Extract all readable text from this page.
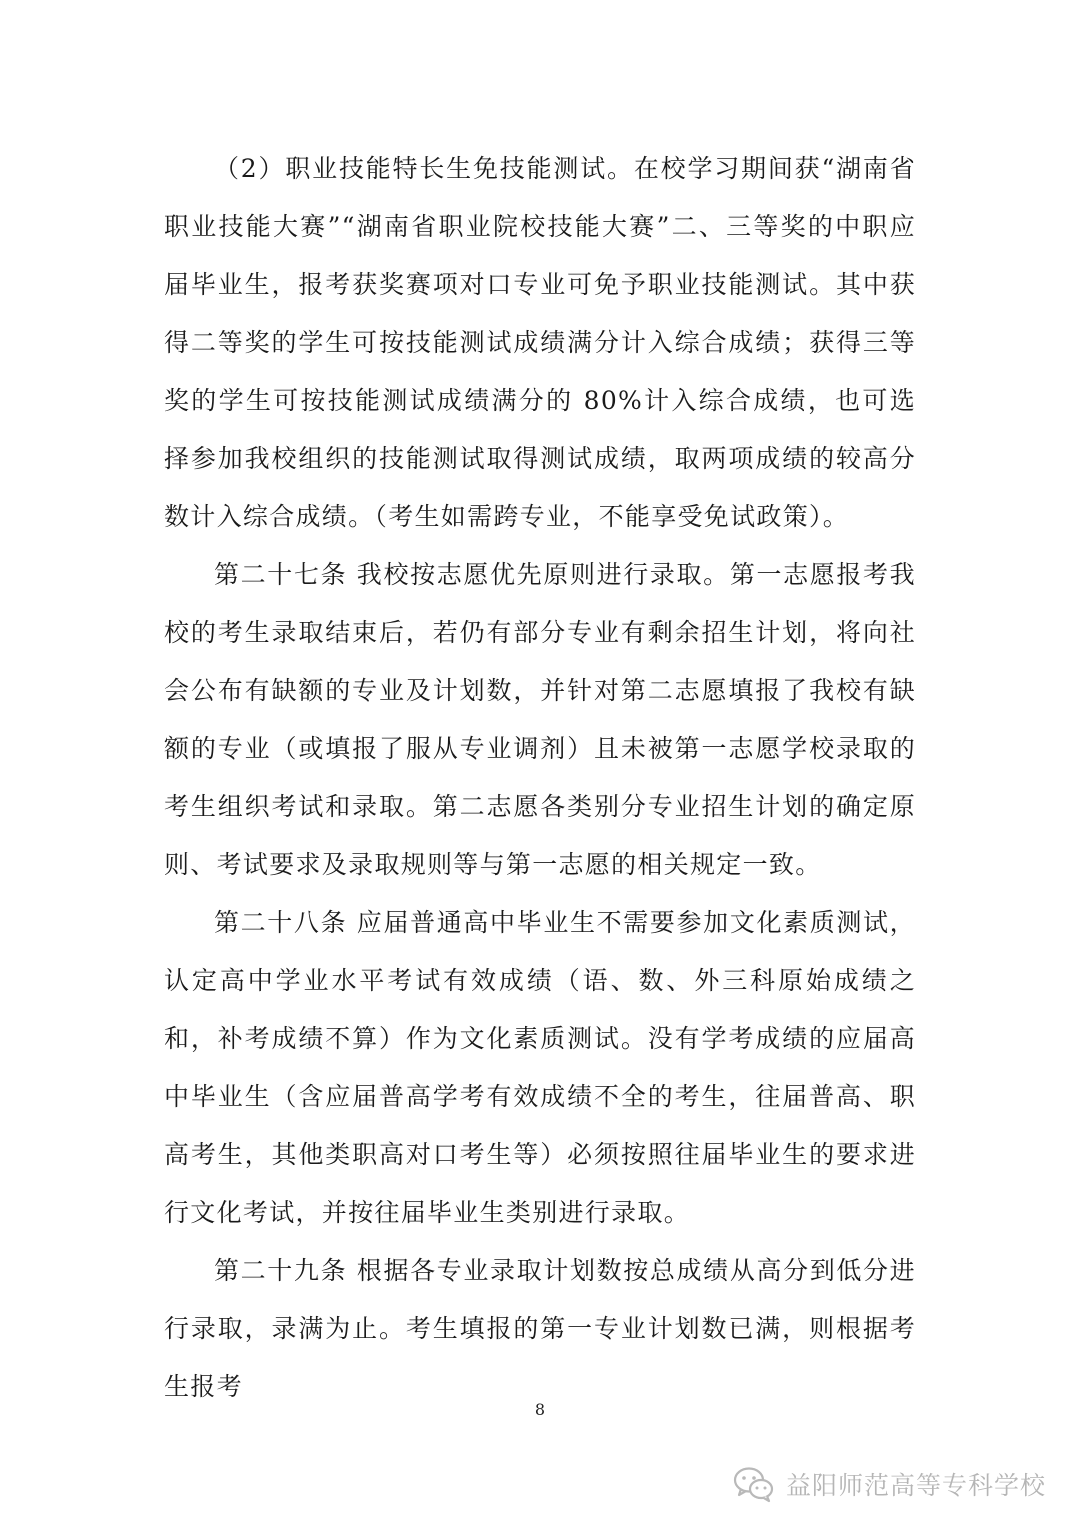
（2）职业技能特长生免技能测试。在校学习期间获“湖南省职业技能大赛”“湖南省职业院校技能大赛”二、三等奖的中职应届毕业生，报考获奖赛项对口专业可免予职业技能测试。其中获得二等奖的学生可按技能测试成绩满分计入综合成绩；获得三等奖的学生可按技能测试成绩满分的 80%计入综合成绩，也可选择参加我校组织的技能测试取得测试成绩，取两项成绩的较高分数计入综合成绩。（考生如需跨专业，不能享受免试政策）。

第二十七条 我校按志愿优先原则进行录取。第一志愿报考我校的考生录取结束后，若仍有部分专业有剩余招生计划，将向社会公布有缺额的专业及计划数，并针对第二志愿填报了我校有缺额的专业（或填报了服从专业调剂）且未被第一志愿学校录取的考生组织考试和录取。第二志愿各类别分专业招生计划的确定原则、考试要求及录取规则等与第一志愿的相关规定一致。

第二十八条 应届普通高中毕业生不需要参加文化素质测试，认定高中学业水平考试有效成绩（语、数、外三科原始成绩之和，补考成绩不算）作为文化素质测试。没有学考成绩的应届高中毕业生（含应届普高学考有效成绩不全的考生，往届普高、职高考生，其他类职高对口考生等）必须按照往届毕业生的要求进行文化考试，并按往届毕业生类别进行录取。

第二十九条 根据各专业录取计划数按总成绩从高分到低分进行录取，录满为止。考生填报的第一专业计划数已满，则根据考生报考

8
益阳师范高等专科学校
